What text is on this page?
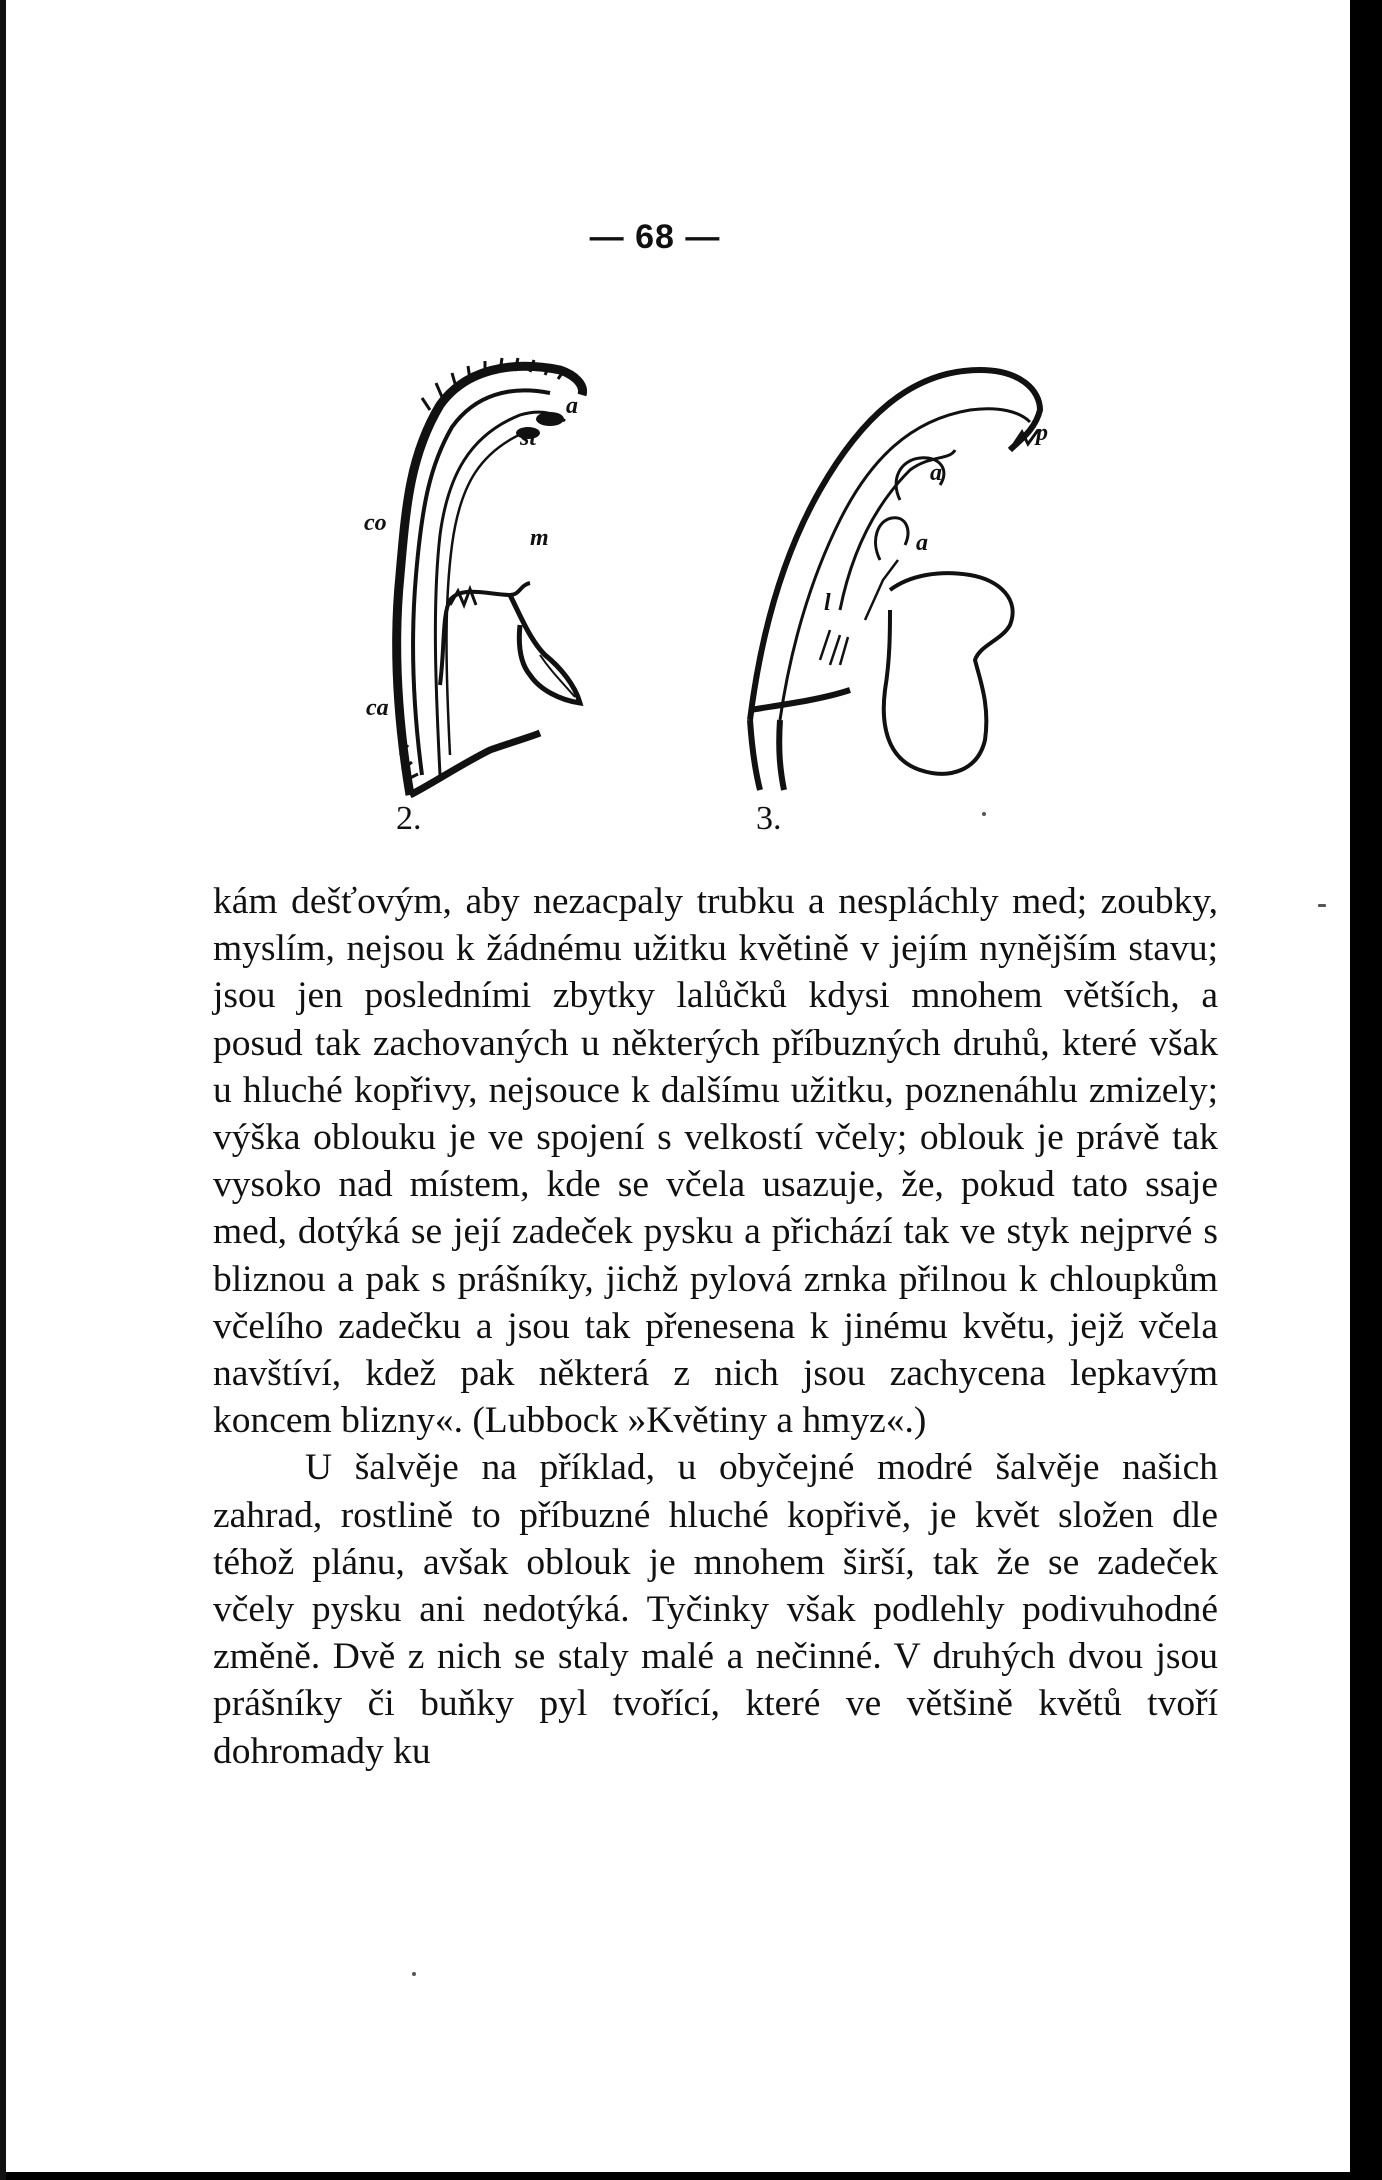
— 68 —
a
st
co
m
ca
p
a
a
l
2.	3.

kám dešťovým, aby nezacpaly trubku a nespláchly med; zoubky, myslím, nejsou k žádnému užitku květině v jejím nynějším stavu; jsou jen posledními zbytky lalůčků kdysi mnohem větších, a posud tak zachovaných u některých příbuzných druhů, které však u hluché kopřivy, nejsouce k dalšímu užitku, poznenáhlu zmizely; výška oblouku je ve spojení s velkostí včely; oblouk je právě tak vysoko nad místem, kde se včela usazuje, že, pokud tato ssaje med, dotýká se její zadeček pysku a přichází tak ve styk nejprvé s bliznou a pak s prášníky, jichž pylová zrnka přilnou k chloupkům včelího zadečku a jsou tak přenesena k jinému květu, jejž včela navštíví, kdež pak některá z nich jsou zachycena lepkavým koncem blizny«. (Lubbock »Květiny a hmyz«.)

U šalvěje na příklad, u obyčejné modré šalvěje našich zahrad, rostlině to příbuzné hluché kopřivě, je květ složen dle téhož plánu, avšak oblouk je mnohem širší, tak že se zadeček včely pysku ani nedotýká. Tyčinky však podlehly podivuhodné změně. Dvě z nich se staly malé a nečinné. V druhých dvou jsou prášníky či buňky pyl tvořící, které ve většině květů tvoří dohromady ku
